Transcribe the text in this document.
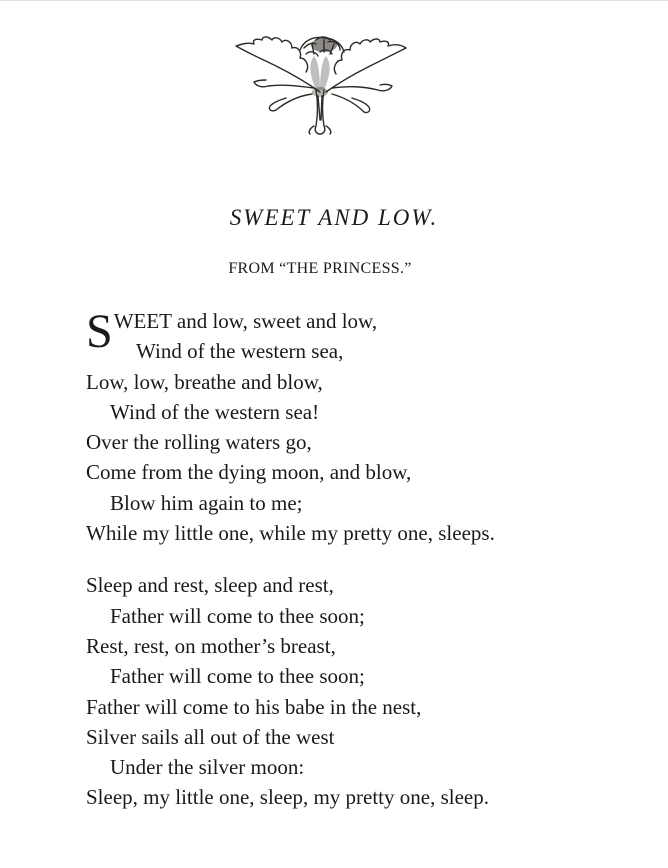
SWEET AND LOW.

FROM “THE PRINCESS.”

S WEET and low, sweet and low,
Wind of the western sea,
Low, low, breathe and blow,
Wind of the western sea!
Over the rolling waters go,
Come from the dying moon, and blow,
Blow him again to me;
While my little one, while my pretty one, sleeps.
Sleep and rest, sleep and rest,
Father will come to thee soon;
Rest, rest, on mother’s breast,
Father will come to thee soon;
Father will come to his babe in the nest,
Silver sails all out of the west
Under the silver moon:
Sleep, my little one, sleep, my pretty one, sleep.
